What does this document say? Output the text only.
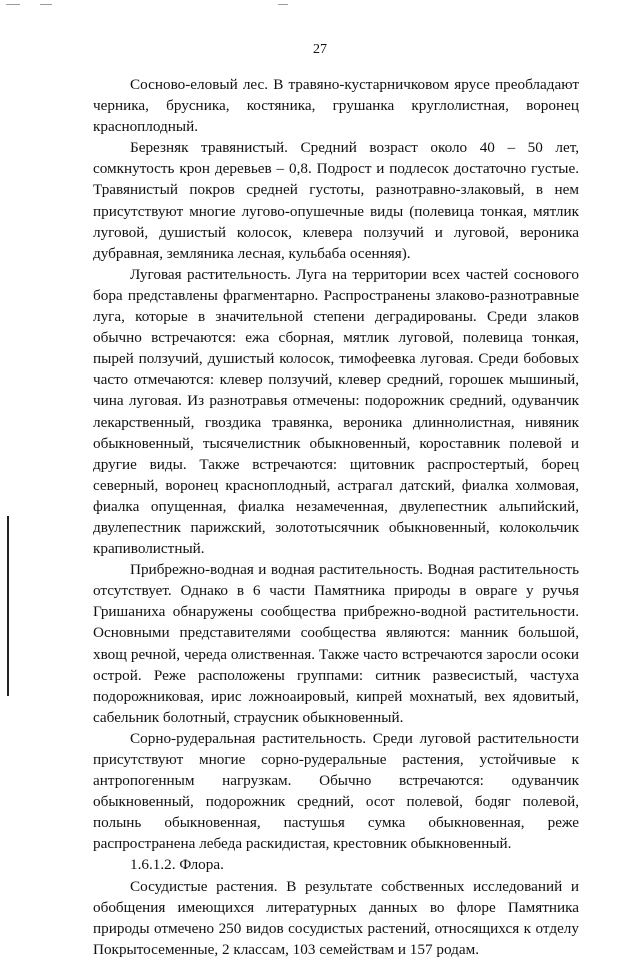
27

Сосново-еловый лес. В травяно-кустарничковом ярусе преобладают черника, брусника, костяника, грушанка круглолистная, воронец красноплодный.

Березняк травянистый. Средний возраст около 40 – 50 лет, сомкнутость крон деревьев – 0,8. Подрост и подлесок достаточно густые. Травянистый покров средней густоты, разнотравно-злаковый, в нем присутствуют многие лугово-опушечные виды (полевица тонкая, мятлик луговой, душистый колосок, клевера ползучий и луговой, вероника дубравная, земляника лесная, кульбаба осенняя).

Луговая растительность. Луга на территории всех частей соснового бора представлены фрагментарно. Распространены злаково-разнотравные луга, которые в значительной степени деградированы. Среди злаков обычно встречаются: ежа сборная, мятлик луговой, полевица тонкая, пырей ползучий, душистый колосок, тимофеевка луговая. Среди бобовых часто отмечаются: клевер ползучий, клевер средний, горошек мышиный, чина луговая. Из разнотравья отмечены: подорожник средний, одуванчик лекарственный, гвоздика травянка, вероника длиннолистная, нивяник обыкновенный, тысячелистник обыкновенный, короставник полевой и другие виды. Также встречаются: щитовник распростертый, борец северный, воронец красноплодный, астрагал датский, фиалка холмовая, фиалка опущенная, фиалка незамеченная, двулепестник альпийский, двулепестник парижский, золототысячник обыкновенный, колокольчик крапиволистный.

Прибрежно-водная и водная растительность. Водная растительность отсутствует. Однако в 6 части Памятника природы в овраге у ручья Гришаниха обнаружены сообщества прибрежно-водной растительности. Основными представителями сообщества являются: манник большой, хвощ речной, череда олиственная. Также часто встречаются заросли осоки острой. Реже расположены группами: ситник развесистый, частуха подорожниковая, ирис ложноаировый, кипрей мохнатый, вех ядовитый, сабельник болотный, страусник обыкновенный.

Сорно-рудеральная растительность. Среди луговой растительности присутствуют многие сорно-рудеральные растения, устойчивые к антропогенным нагрузкам. Обычно встречаются: одуванчик обыкновенный, подорожник средний, осот полевой, бодяг полевой, полынь обыкновенная, пастушья сумка обыкновенная, реже распространена лебеда раскидистая, крестовник обыкновенный.

1.6.1.2. Флора.

Сосудистые растения. В результате собственных исследований и обобщения имеющихся литературных данных во флоре Памятника природы отмечено 250 видов сосудистых растений, относящихся к отделу Покрытосеменные, 2 классам, 103 семействам и 157 родам.
